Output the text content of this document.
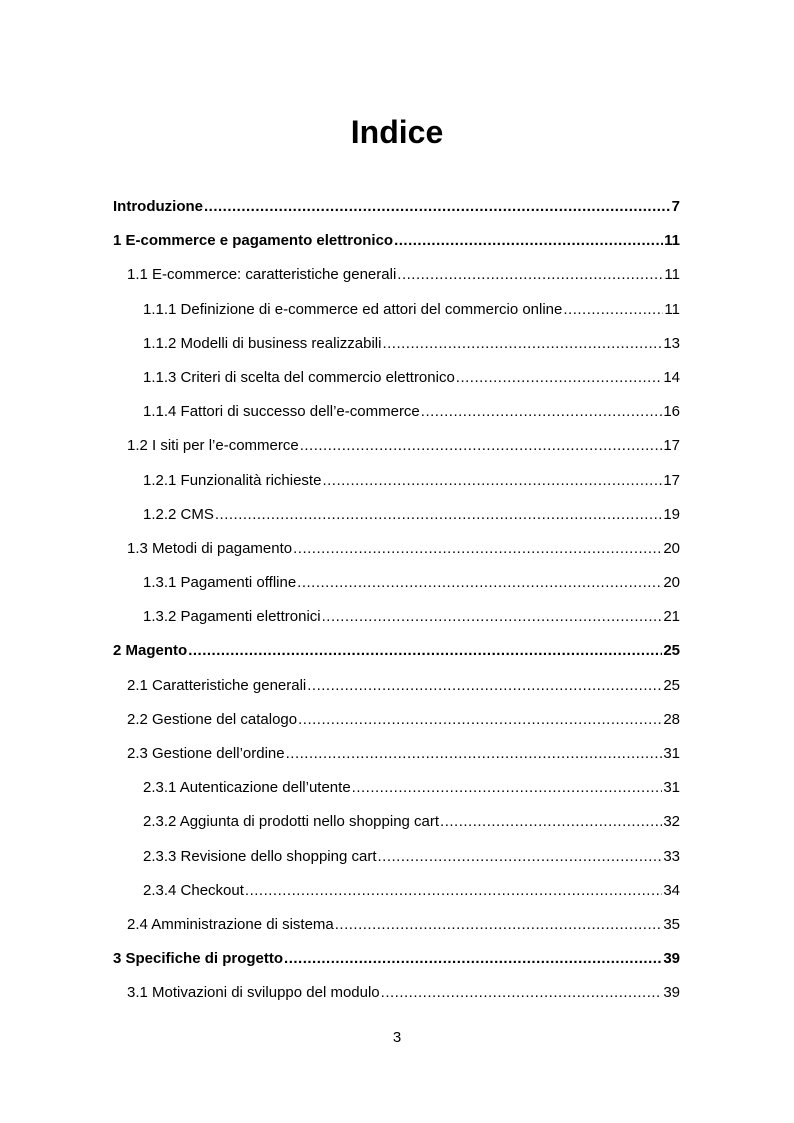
Indice
Introduzione .....	7
1 E-commerce e pagamento elettronico .....	11
1.1 E-commerce: caratteristiche generali .....	11
1.1.1 Definizione di e-commerce ed attori del commercio online .....	11
1.1.2 Modelli di business realizzabili .....	13
1.1.3 Criteri di scelta del commercio elettronico .....	14
1.1.4 Fattori di successo dell’e-commerce .....	16
1.2 I siti per l’e-commerce .....	17
1.2.1 Funzionalità richieste .....	17
1.2.2 CMS .....	19
1.3 Metodi di pagamento .....	20
1.3.1 Pagamenti offline .....	20
1.3.2 Pagamenti elettronici .....	21
2 Magento .....	25
2.1 Caratteristiche generali .....	25
2.2 Gestione del catalogo .....	28
2.3 Gestione dell’ordine .....	31
2.3.1 Autenticazione dell’utente .....	31
2.3.2 Aggiunta di prodotti nello shopping cart .....	32
2.3.3 Revisione dello shopping cart .....	33
2.3.4 Checkout .....	34
2.4 Amministrazione di sistema .....	35
3 Specifiche di progetto .....	39
3.1 Motivazioni di sviluppo del modulo .....	39
3
